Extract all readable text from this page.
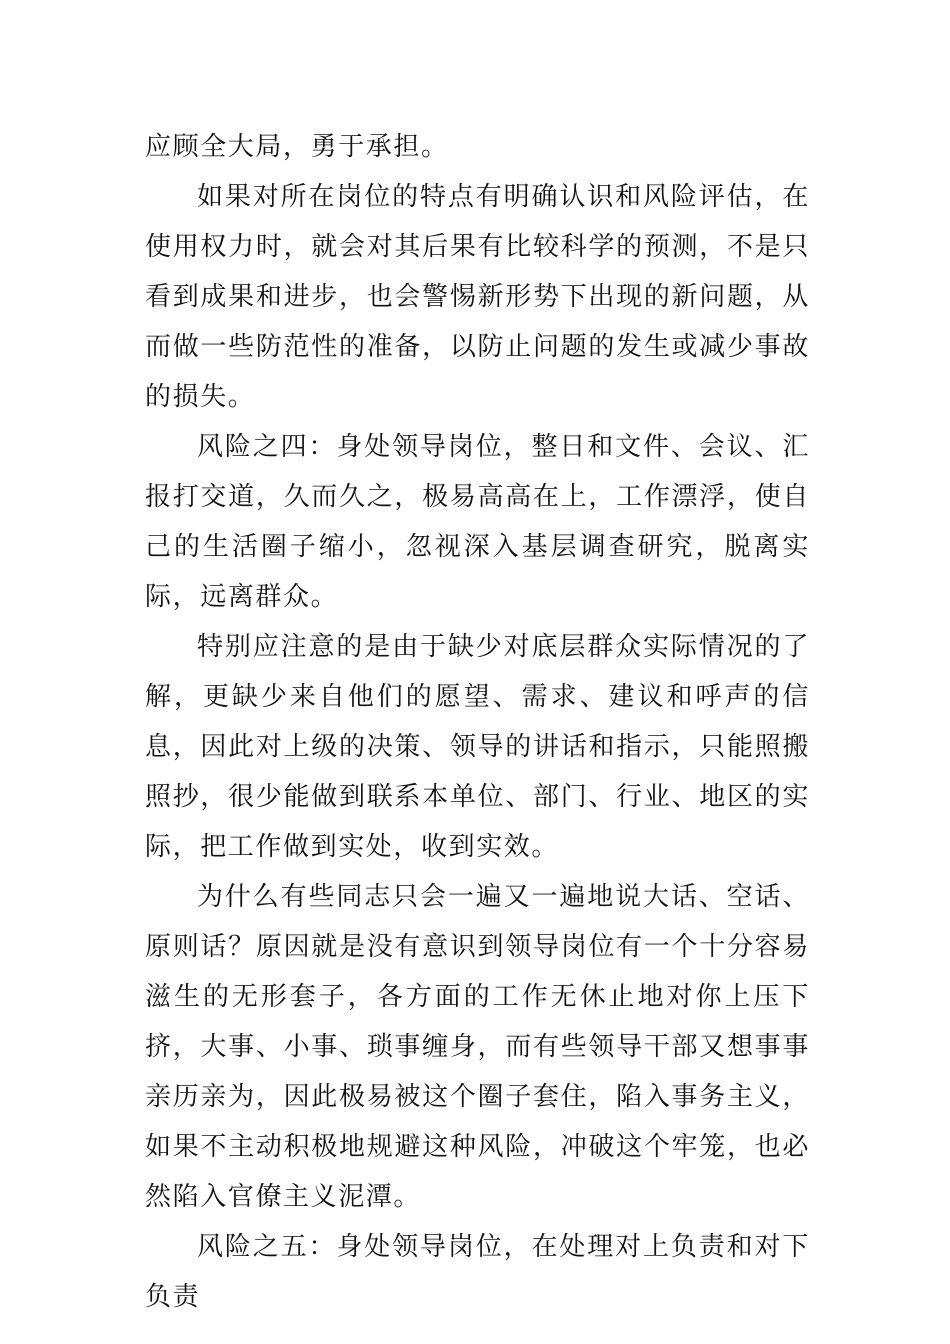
应顾全大局，勇于承担。

如果对所在岗位的特点有明确认识和风险评估，在使用权力时，就会对其后果有比较科学的预测，不是只看到成果和进步，也会警惕新形势下出现的新问题，从而做一些防范性的准备，以防止问题的发生或减少事故的损失。

风险之四：身处领导岗位，整日和文件、会议、汇报打交道，久而久之，极易高高在上，工作漂浮，使自己的生活圈子缩小，忽视深入基层调查研究，脱离实际，远离群众。

特别应注意的是由于缺少对底层群众实际情况的了解，更缺少来自他们的愿望、需求、建议和呼声的信息，因此对上级的决策、领导的讲话和指示，只能照搬照抄，很少能做到联系本单位、部门、行业、地区的实际，把工作做到实处，收到实效。

为什么有些同志只会一遍又一遍地说大话、空话、原则话？原因就是没有意识到领导岗位有一个十分容易滋生的无形套子，各方面的工作无休止地对你上压下挤，大事、小事、琐事缠身，而有些领导干部又想事事亲历亲为，因此极易被这个圈子套住，陷入事务主义，如果不主动积极地规避这种风险，冲破这个牢笼，也必然陷入官僚主义泥潭。

风险之五：身处领导岗位，在处理对上负责和对下负责
